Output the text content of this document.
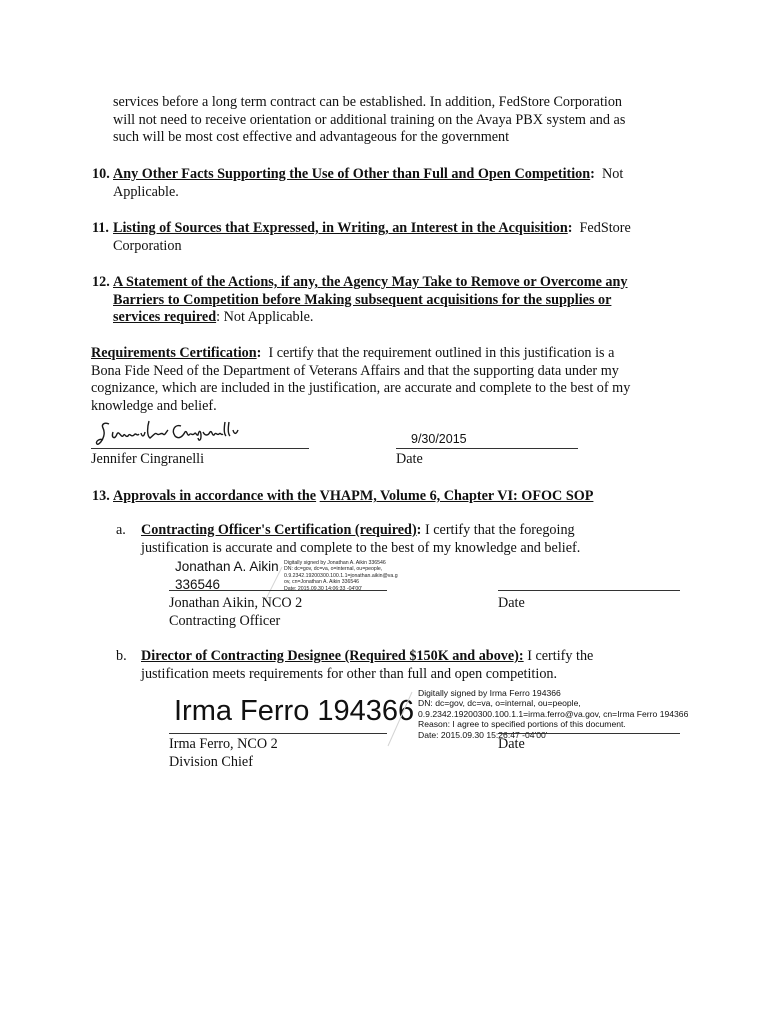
services before a long term contract can be established. In addition, FedStore Corporation
will not need to receive orientation or additional training on the Avaya PBX system and as
such will be most cost effective and advantageous for the government
10. Any Other Facts Supporting the Use of Other than Full and Open Competition: Not
Applicable.
11. Listing of Sources that Expressed, in Writing, an Interest in the Acquisition: FedStore
Corporation
12. A Statement of the Actions, if any, the Agency May Take to Remove or Overcome any
Barriers to Competition before Making subsequent acquisitions for the supplies or
services required: Not Applicable.
Requirements Certification: I certify that the requirement outlined in this justification is a
Bona Fide Need of the Department of Veterans Affairs and that the supporting data under my
cognizance, which are included in the justification, are accurate and complete to the best of my
knowledge and belief.
Jennifer Cingranelli
9/30/2015
Date
13. Approvals in accordance with the VHAPM, Volume 6, Chapter VI: OFOC SOP
a. Contracting Officer's Certification (required): I certify that the foregoing
justification is accurate and complete to the best of my knowledge and belief.
Jonathan A. Aikin
336546
Digitally signed by Jonathan A. Aikin 336546
DN: dc=gov, dc=va, o=internal, ou=people,
0.9.2342.19200300.100.1.1=jonathan.aikin@va.g
ov, cn=Jonathan A. Aikin 336546
Date: 2015.09.30 14:06:33 -04'00'
Jonathan Aikin, NCO 2
Contracting Officer
Date
b. Director of Contracting Designee (Required $150K and above): I certify the
justification meets requirements for other than full and open competition.
Irma Ferro 194366
Digitally signed by Irma Ferro 194366
DN: dc=gov, dc=va, o=internal, ou=people,
0.9.2342.19200300.100.1.1=irma.ferro@va.gov, cn=Irma Ferro 194366
Reason: I agree to specified portions of this document.
Date: 2015.09.30 15:26:47 -04'00'
Irma Ferro, NCO 2
Division Chief
Date
